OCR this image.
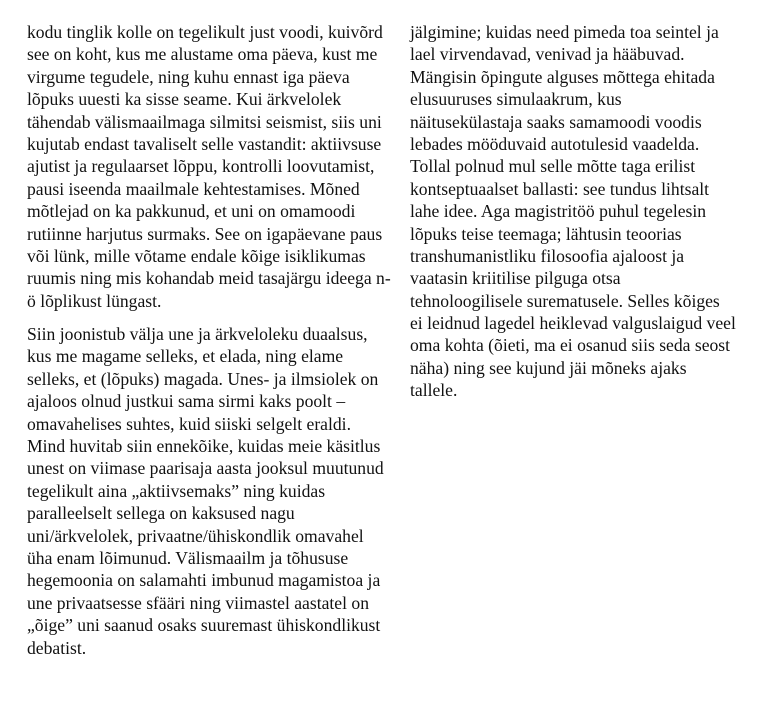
kodu tinglik kolle on tegelikult just voodi, kuivõrd
see on koht, kus me alustame oma päeva, kust me
virgume tegudele, ning kuhu ennast iga päeva
lõpuks uuesti ka sisse seame. Kui ärkvelolek
tähendab välismaailmaga silmitsi seismist, siis uni
kujutab endast tavaliselt selle vastandit: aktiivsuse
ajutist ja regulaarset lõppu, kontrolli loovutamist,
pausi iseenda maailmale kehtestamises. Mõned
mõtlejad on ka pakkunud, et uni on omamoodi
rutiinne harjutus surmaks. See on igapäevane paus
või lünk, mille võtame endale kõige isiklikumas
ruumis ning mis kohandab meid tasajärgu ideega n-
ö lõplikust lüngast.

Siin joonistub välja une ja ärkveloleku duaalsus,
kus me magame selleks, et elada, ning elame
selleks, et (lõpuks) magada. Unes- ja ilmsiolek on
ajaloos olnud justkui sama sirmi kaks poolt –
omavahelises suhtes, kuid siiski selgelt eraldi.
Mind huvitab siin ennekõike, kuidas meie käsitlus
unest on viimase paarisaja aasta jooksul muutunud
tegelikult aina „aktiivsemaks” ning kuidas
paralleelselt sellega on kaksused nagu
uni/ärkvelolek, privaatne/ühiskondlik omavahel
üha enam lõimunud. Välismaailm ja tõhususe
hegemoonia on salamahti imbunud magamistoa ja
une privaatsesse sfääri ning viimastel aastatel on
„õige” uni saanud osaks suuremast ühiskondlikust
debatist.

jälgimine; kuidas need pimeda toa seintel ja
lael virvendavad, venivad ja hääbuvad.
Mängisin õpingute alguses mõttega ehitada
elusuuruses simulaakrum, kus
näitusekülastaja saaks samamoodi voodis
lebades mööduvaid autotulesid vaadelda.
Tollal polnud mul selle mõtte taga erilist
kontseptuaalset ballasti: see tundus lihtsalt
lahe idee. Aga magistritöö puhul tegelesin
lõpuks teise teemaga; lähtusin teoorias
transhumanistliku filosoofia ajaloost ja
vaatasin kriitilise pilguga otsa
tehnoloogilisele surematusele. Selles kõiges
ei leidnud lagedel heiklevad valguslaigud veel
oma kohta (õieti, ma ei osanud siis seda seost
näha) ning see kujund jäi mõneks ajaks
tallele.
